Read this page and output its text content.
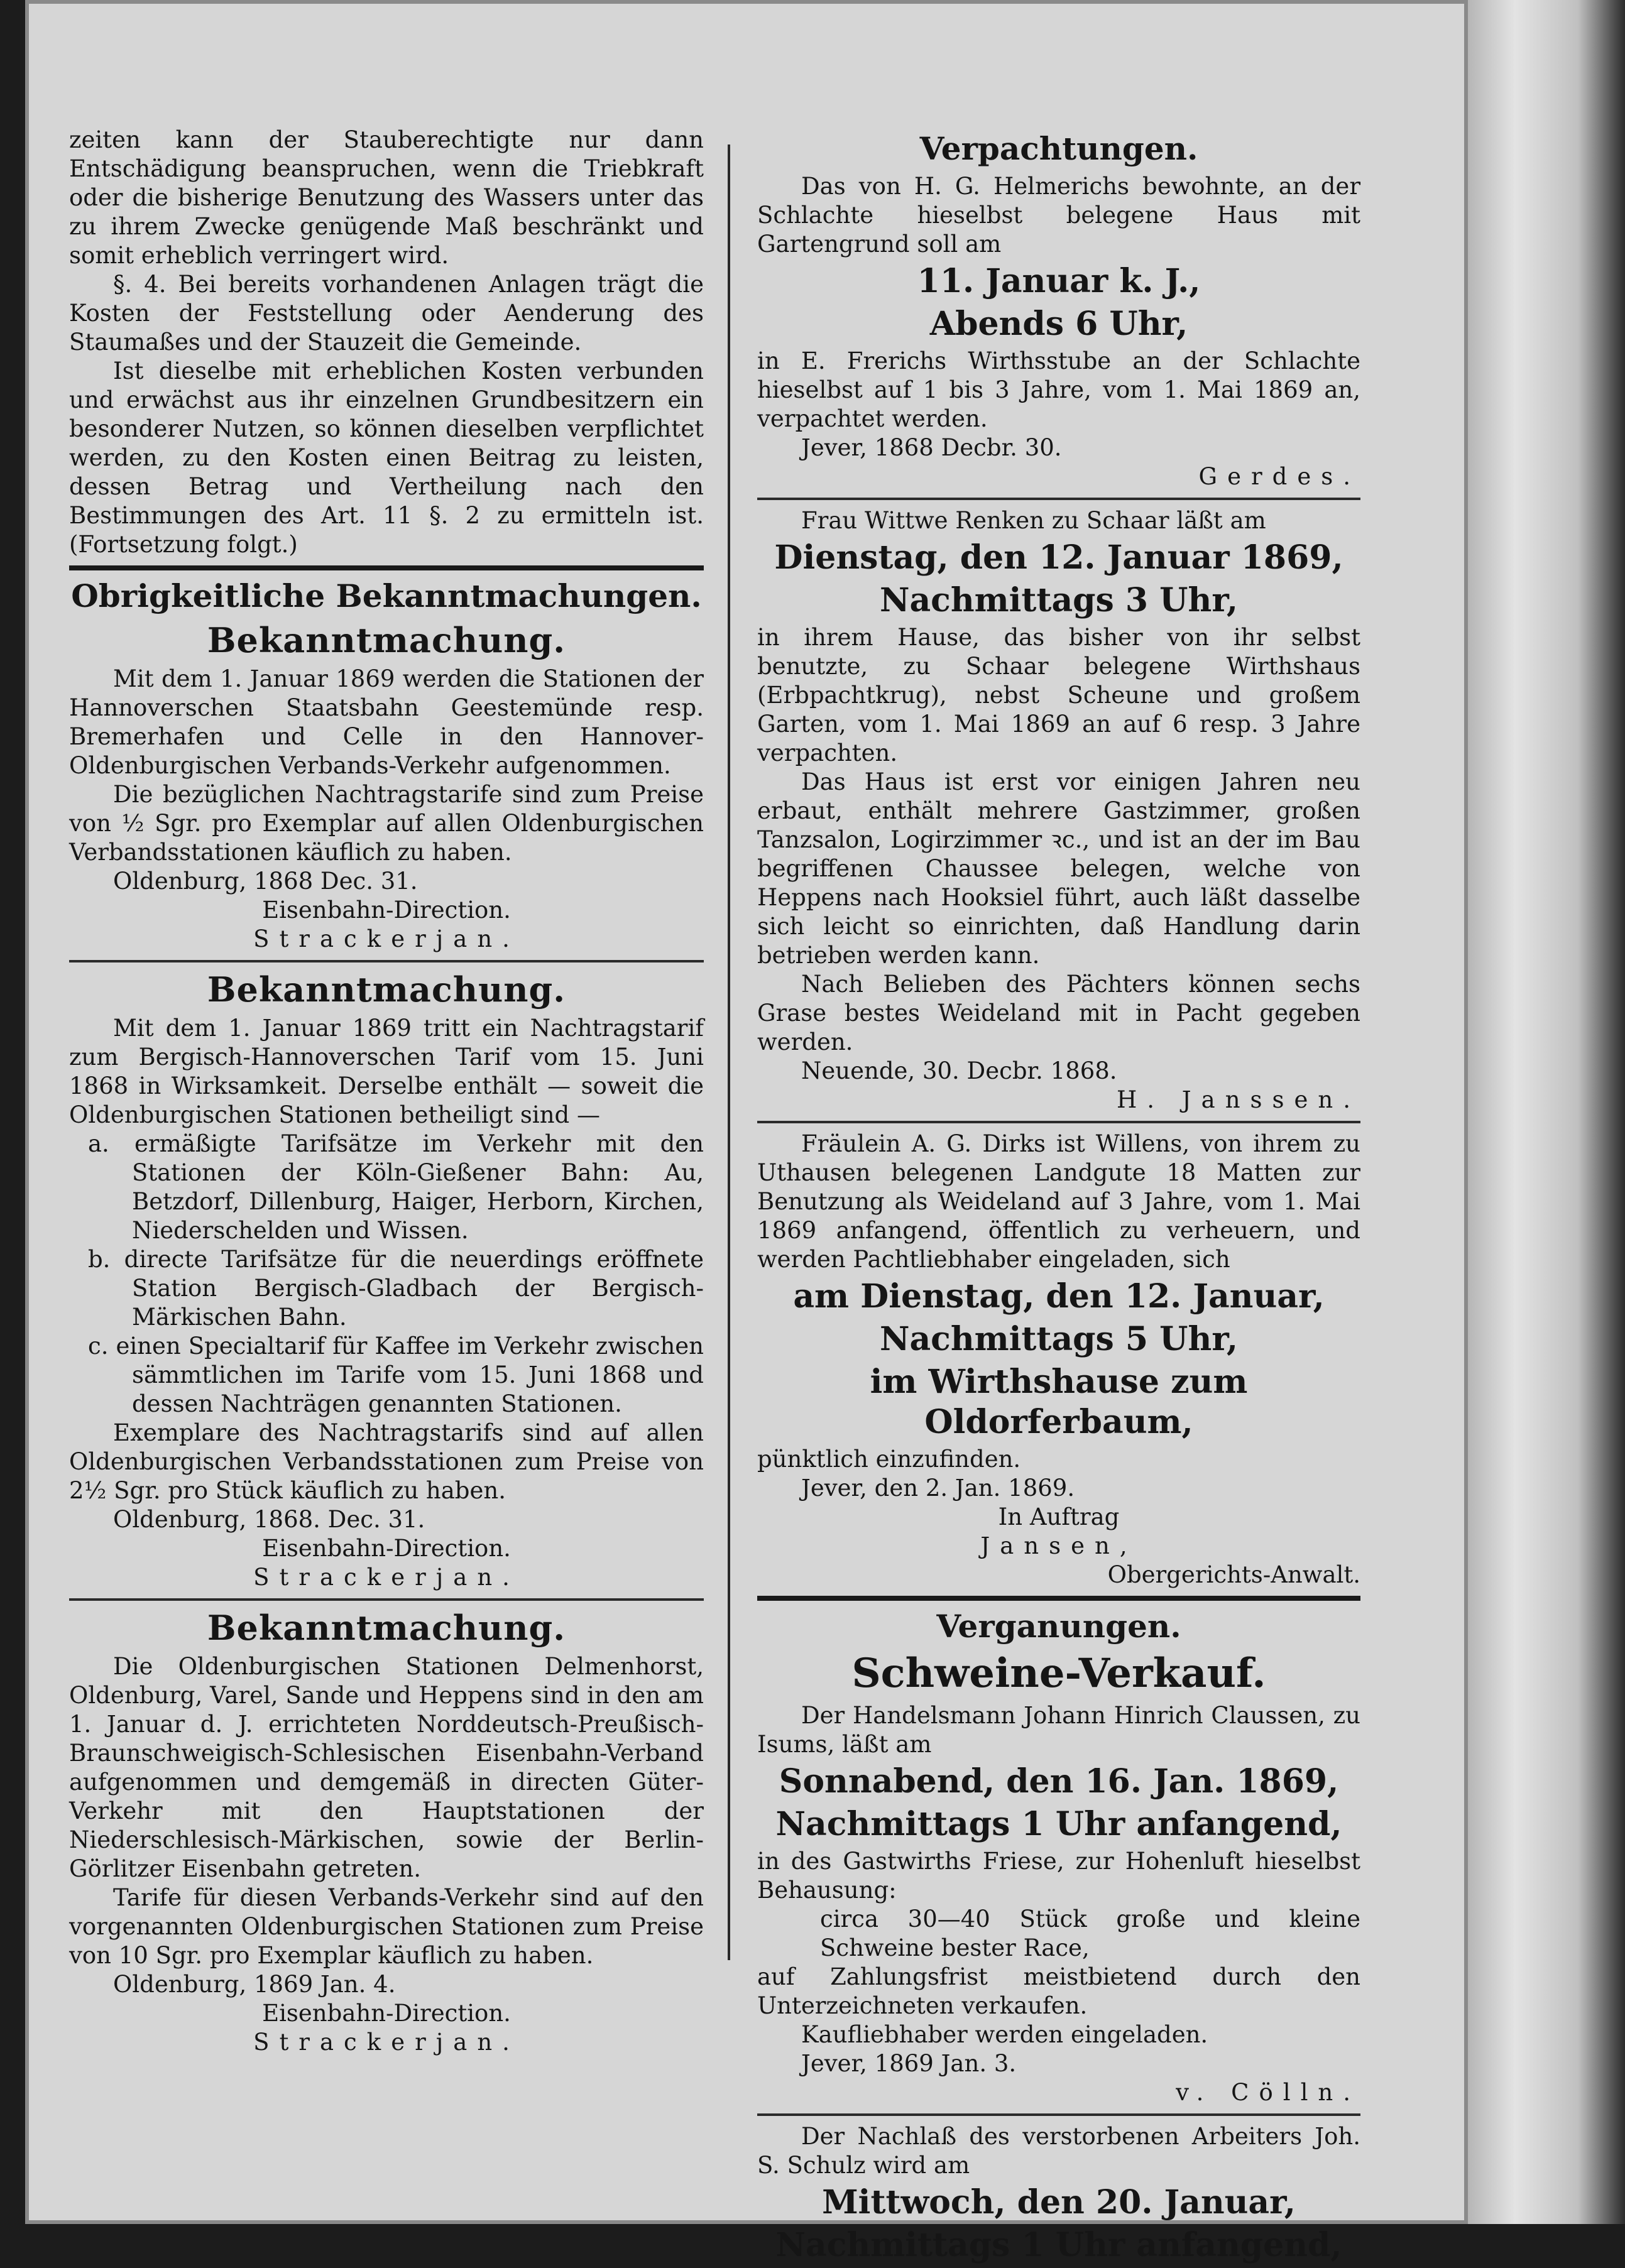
zeiten kann der Stauberechtigte nur dann Entschädigung beanspruchen, wenn die Triebkraft oder die bisherige Benutzung des Wassers unter das zu ihrem Zwecke genügende Maß beschränkt und somit erheblich verringert wird.

§. 4. Bei bereits vorhandenen Anlagen trägt die Kosten der Feststellung oder Aenderung des Staumaßes und der Stauzeit die Gemeinde.

Ist dieselbe mit erheblichen Kosten verbunden und erwächst aus ihr einzelnen Grundbesitzern ein besonderer Nutzen, so können dieselben verpflichtet werden, zu den Kosten einen Beitrag zu leisten, dessen Betrag und Vertheilung nach den Bestimmungen des Art. 11 §. 2 zu ermitteln ist. (Fortsetzung folgt.)

Obrigkeitliche Bekanntmachungen.
Bekanntmachung.

Mit dem 1. Januar 1869 werden die Stationen der Hannoverschen Staatsbahn Geestemünde resp. Bremerhafen und Celle in den Hannover-Oldenburgischen Verbands-Verkehr aufgenommen.

Die bezüglichen Nachtragstarife sind zum Preise von ½ Sgr. pro Exemplar auf allen Oldenburgischen Verbandsstationen käuflich zu haben.

Oldenburg, 1868 Dec. 31.

Eisenbahn-Direction.

Strackerjan.

Bekanntmachung.

Mit dem 1. Januar 1869 tritt ein Nachtragstarif zum Bergisch-Hannoverschen Tarif vom 15. Juni 1868 in Wirksamkeit. Derselbe enthält — soweit die Oldenburgischen Stationen betheiligt sind —

a. ermäßigte Tarifsätze im Verkehr mit den Stationen der Köln-Gießener Bahn: Au, Betzdorf, Dillenburg, Haiger, Herborn, Kirchen, Niederschelden und Wissen.

b. directe Tarifsätze für die neuerdings eröffnete Station Bergisch-Gladbach der Bergisch-Märkischen Bahn.

c. einen Specialtarif für Kaffee im Verkehr zwischen sämmtlichen im Tarife vom 15. Juni 1868 und dessen Nachträgen genannten Stationen.

Exemplare des Nachtragstarifs sind auf allen Oldenburgischen Verbandsstationen zum Preise von 2½ Sgr. pro Stück käuflich zu haben.

Oldenburg, 1868. Dec. 31.

Eisenbahn-Direction.

Strackerjan.

Bekanntmachung.

Die Oldenburgischen Stationen Delmenhorst, Oldenburg, Varel, Sande und Heppens sind in den am 1. Januar d. J. errichteten Norddeutsch-Preußisch-Braunschweigisch-Schlesischen Eisenbahn-Verband aufgenommen und demgemäß in directen Güter-Verkehr mit den Hauptstationen der Niederschlesisch-Märkischen, sowie der Berlin-Görlitzer Eisenbahn getreten.

Tarife für diesen Verbands-Verkehr sind auf den vorgenannten Oldenburgischen Stationen zum Preise von 10 Sgr. pro Exemplar käuflich zu haben.

Oldenburg, 1869 Jan. 4.

Eisenbahn-Direction.

Strackerjan.

Verpachtungen.

Das von H. G. Helmerichs bewohnte, an der Schlachte hieselbst belegene Haus mit Gartengrund soll am

11. Januar k. J.,

Abends 6 Uhr,

in E. Frerichs Wirthsstube an der Schlachte hieselbst auf 1 bis 3 Jahre, vom 1. Mai 1869 an, verpachtet werden.

Jever, 1868 Decbr. 30.

Gerdes.

Frau Wittwe Renken zu Schaar läßt am

Dienstag, den 12. Januar 1869,

Nachmittags 3 Uhr,

in ihrem Hause, das bisher von ihr selbst benutzte, zu Schaar belegene Wirthshaus (Erbpachtkrug), nebst Scheune und großem Garten, vom 1. Mai 1869 an auf 6 resp. 3 Jahre verpachten.

Das Haus ist erst vor einigen Jahren neu erbaut, enthält mehrere Gastzimmer, großen Tanzsalon, Logirzimmer ꝛc., und ist an der im Bau begriffenen Chaussee belegen, welche von Heppens nach Hooksiel führt, auch läßt dasselbe sich leicht so einrichten, daß Handlung darin betrieben werden kann.

Nach Belieben des Pächters können sechs Grase bestes Weideland mit in Pacht gegeben werden.

Neuende, 30. Decbr. 1868.

H. Janssen.

Fräulein A. G. Dirks ist Willens, von ihrem zu Uthausen belegenen Landgute 18 Matten zur Benutzung als Weideland auf 3 Jahre, vom 1. Mai 1869 anfangend, öffentlich zu verheuern, und werden Pachtliebhaber eingeladen, sich

am Dienstag, den 12. Januar,

Nachmittags 5 Uhr,

im Wirthshause zum Oldorferbaum,

pünktlich einzufinden.

Jever, den 2. Jan. 1869.

In Auftrag

Jansen,

Obergerichts-Anwalt.

Verganungen.

Schweine-Verkauf.

Der Handelsmann Johann Hinrich Claussen, zu Isums, läßt am

Sonnabend, den 16. Jan. 1869,

Nachmittags 1 Uhr anfangend,

in des Gastwirths Friese, zur Hohenluft hieselbst Behausung:

circa 30—40 Stück große und kleine Schweine bester Race,

auf Zahlungsfrist meistbietend durch den Unterzeichneten verkaufen.

Kaufliebhaber werden eingeladen.

Jever, 1869 Jan. 3.

v. Cölln.

Der Nachlaß des verstorbenen Arbeiters Joh. S. Schulz wird am

Mittwoch, den 20. Januar,

Nachmittags 1 Uhr anfangend,
